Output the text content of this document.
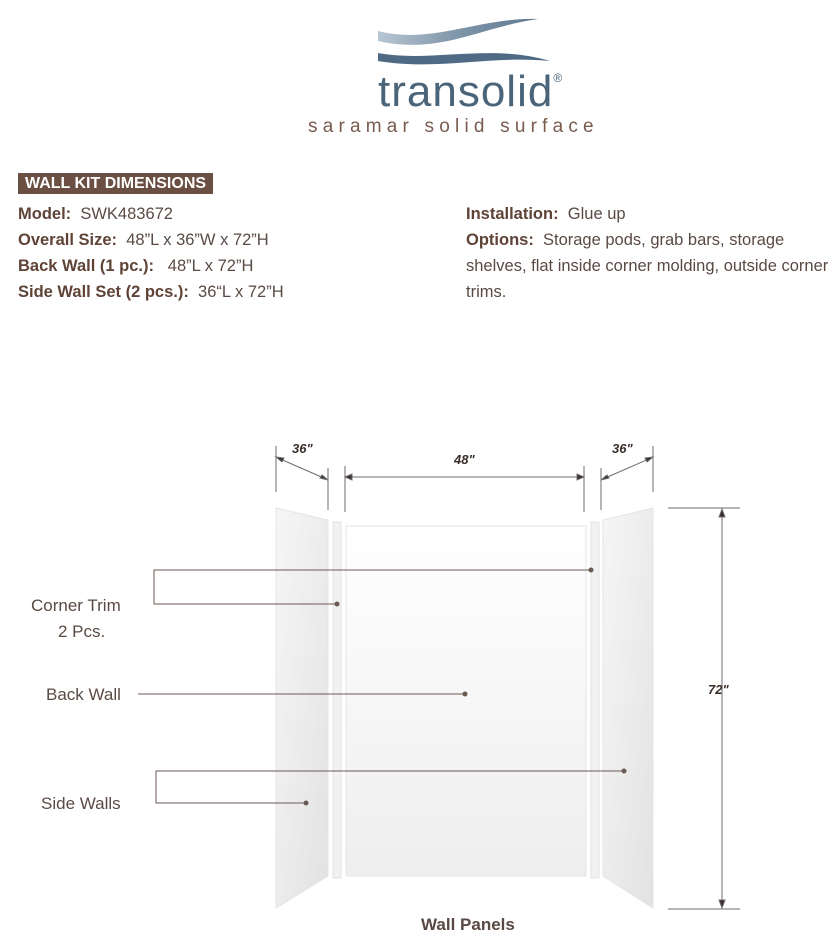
transolid®
saramar solid surface
WALL KIT DIMENSIONS
Model: SWK483672
Overall Size: 48”L x 36”W x 72”H
Back Wall (1 pc.): 48”L x 72”H
Side Wall Set (2 pcs.): 36“L x 72”H
Installation: Glue up
Options: Storage pods, grab bars, storage shelves, flat inside corner molding, outside corner trims.
36"
48"
36"
72"
Corner Trim
2 Pcs.
Back Wall
Side Walls
Wall Panels
